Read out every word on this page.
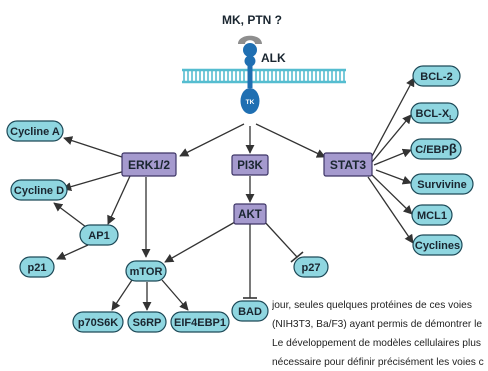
MK, PTN ?
TK
ALK
ERK1/2	PI3K	STAT3
AKT
Cycline A
Cycline D
AP1
p21	mTOR
p70S6K S6RP EIF4EBP1
BAD
p27
BCL-2
BCL-$X_L$
C/EBPβ
Survivine
MCL1
Cyclines
jour, seules quelques protéines de ces voies
(NIH3T3, Ba/F3) ayant permis de démontrer le
Le développement de modèles cellulaires plus
nécessaire pour définir précisément les voies c
